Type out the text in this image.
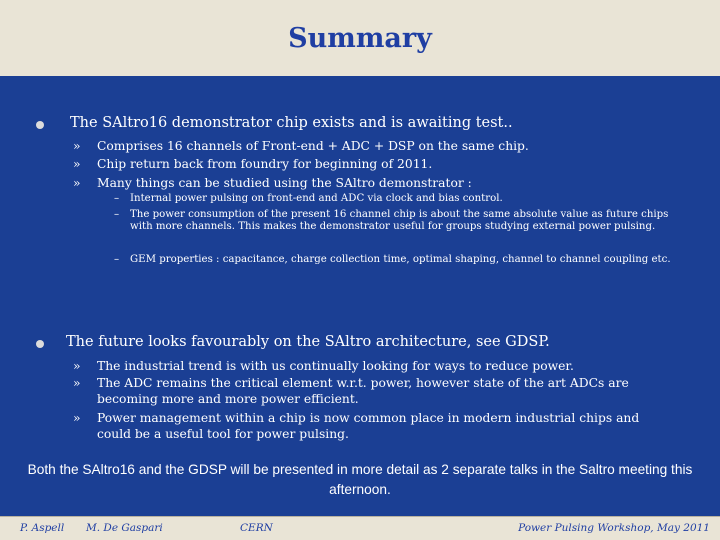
Summary
The SAltro16 demonstrator chip exists and is awaiting test..
» Comprises 16 channels of Front-end + ADC + DSP on the same chip.
» Chip return back from foundry for beginning of 2011.
» Many things can be studied using the SAltro demonstrator :
– Internal power pulsing on front-end and ADC via clock and bias control.
– The power consumption of the present 16 channel chip is about the same absolute value as future chips with more channels. This makes the demonstrator useful for groups studying external power pulsing.
– GEM properties : capacitance, charge collection time, optimal shaping, channel to channel coupling etc.
The future looks favourably on the SAltro architecture, see GDSP.
» The industrial trend is with us continually looking for ways to reduce power.
» The ADC remains the critical element w.r.t. power, however state of the art ADCs are becoming more and more power efficient.
» Power management within a chip is now common place in modern industrial chips and could be a useful tool for power pulsing.
Both the SAltro16 and the GDSP will be presented in more detail as 2 separate talks in the Saltro meeting this afternoon.
P. Aspell M. De Gaspari	CERN	Power Pulsing Workshop, May 2011
